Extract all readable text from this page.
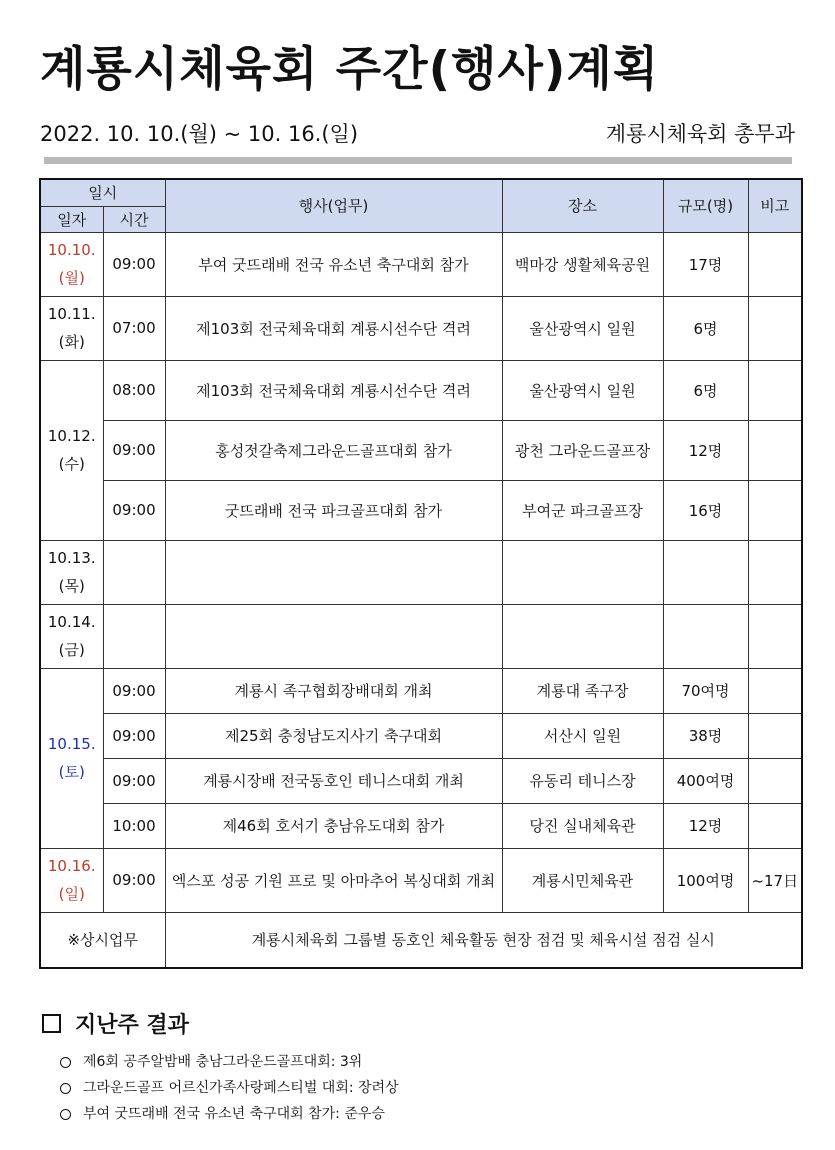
계룡시체육회 주간(행사)계획
2022. 10. 10.(월) ~ 10. 16.(일)	계룡시체육회 총무과
일시		행사(업무)	장소	규모(명)	비고
일자	시간				

10.10.
(월)	09:00	부여 굿뜨래배 전국 유소년 축구대회 참가	백마강 생활체육공원	17명	

10.11.
(화)	07:00	제103회 전국체육대회 계룡시선수단 격려	울산광역시 일원	6명	

10.12.
(수)	08:00	제103회 전국체육대회 계룡시선수단 격려	울산광역시 일원	6명	
	09:00	홍성젓갈축제그라운드골프대회 참가	광천 그라운드골프장	12명	
	09:00	굿뜨래배 전국 파크골프대회 참가	부여군 파크골프장	16명	

10.13.
(목)					

10.14.
(금)					

10.15.
(토)	09:00	계룡시 족구협회장배대회 개최	계룡대 족구장	70여명	
	09:00	제25회 충청남도지사기 축구대회	서산시 일원	38명	
	09:00	계룡시장배 전국동호인 테니스대회 개최	유동리 테니스장	400여명	
	10:00	제46회 호서기 충남유도대회 참가	당진 실내체육관	12명	

10.16.
(일)	09:00	엑스포 성공 기원 프로 및 아마추어 복싱대회 개최	계룡시민체육관	100여명	~17日
※상시업무		계룡시체육회 그룹별 동호인 체육활동 현장 점검 및 체육시설 점검 실시			
지난주 결과
제6회 공주알밤배 충남그라운드골프대회: 3위
그라운드골프 어르신가족사랑페스티벌 대회: 장려상
부여 굿뜨래배 전국 유소년 축구대회 참가: 준우승
